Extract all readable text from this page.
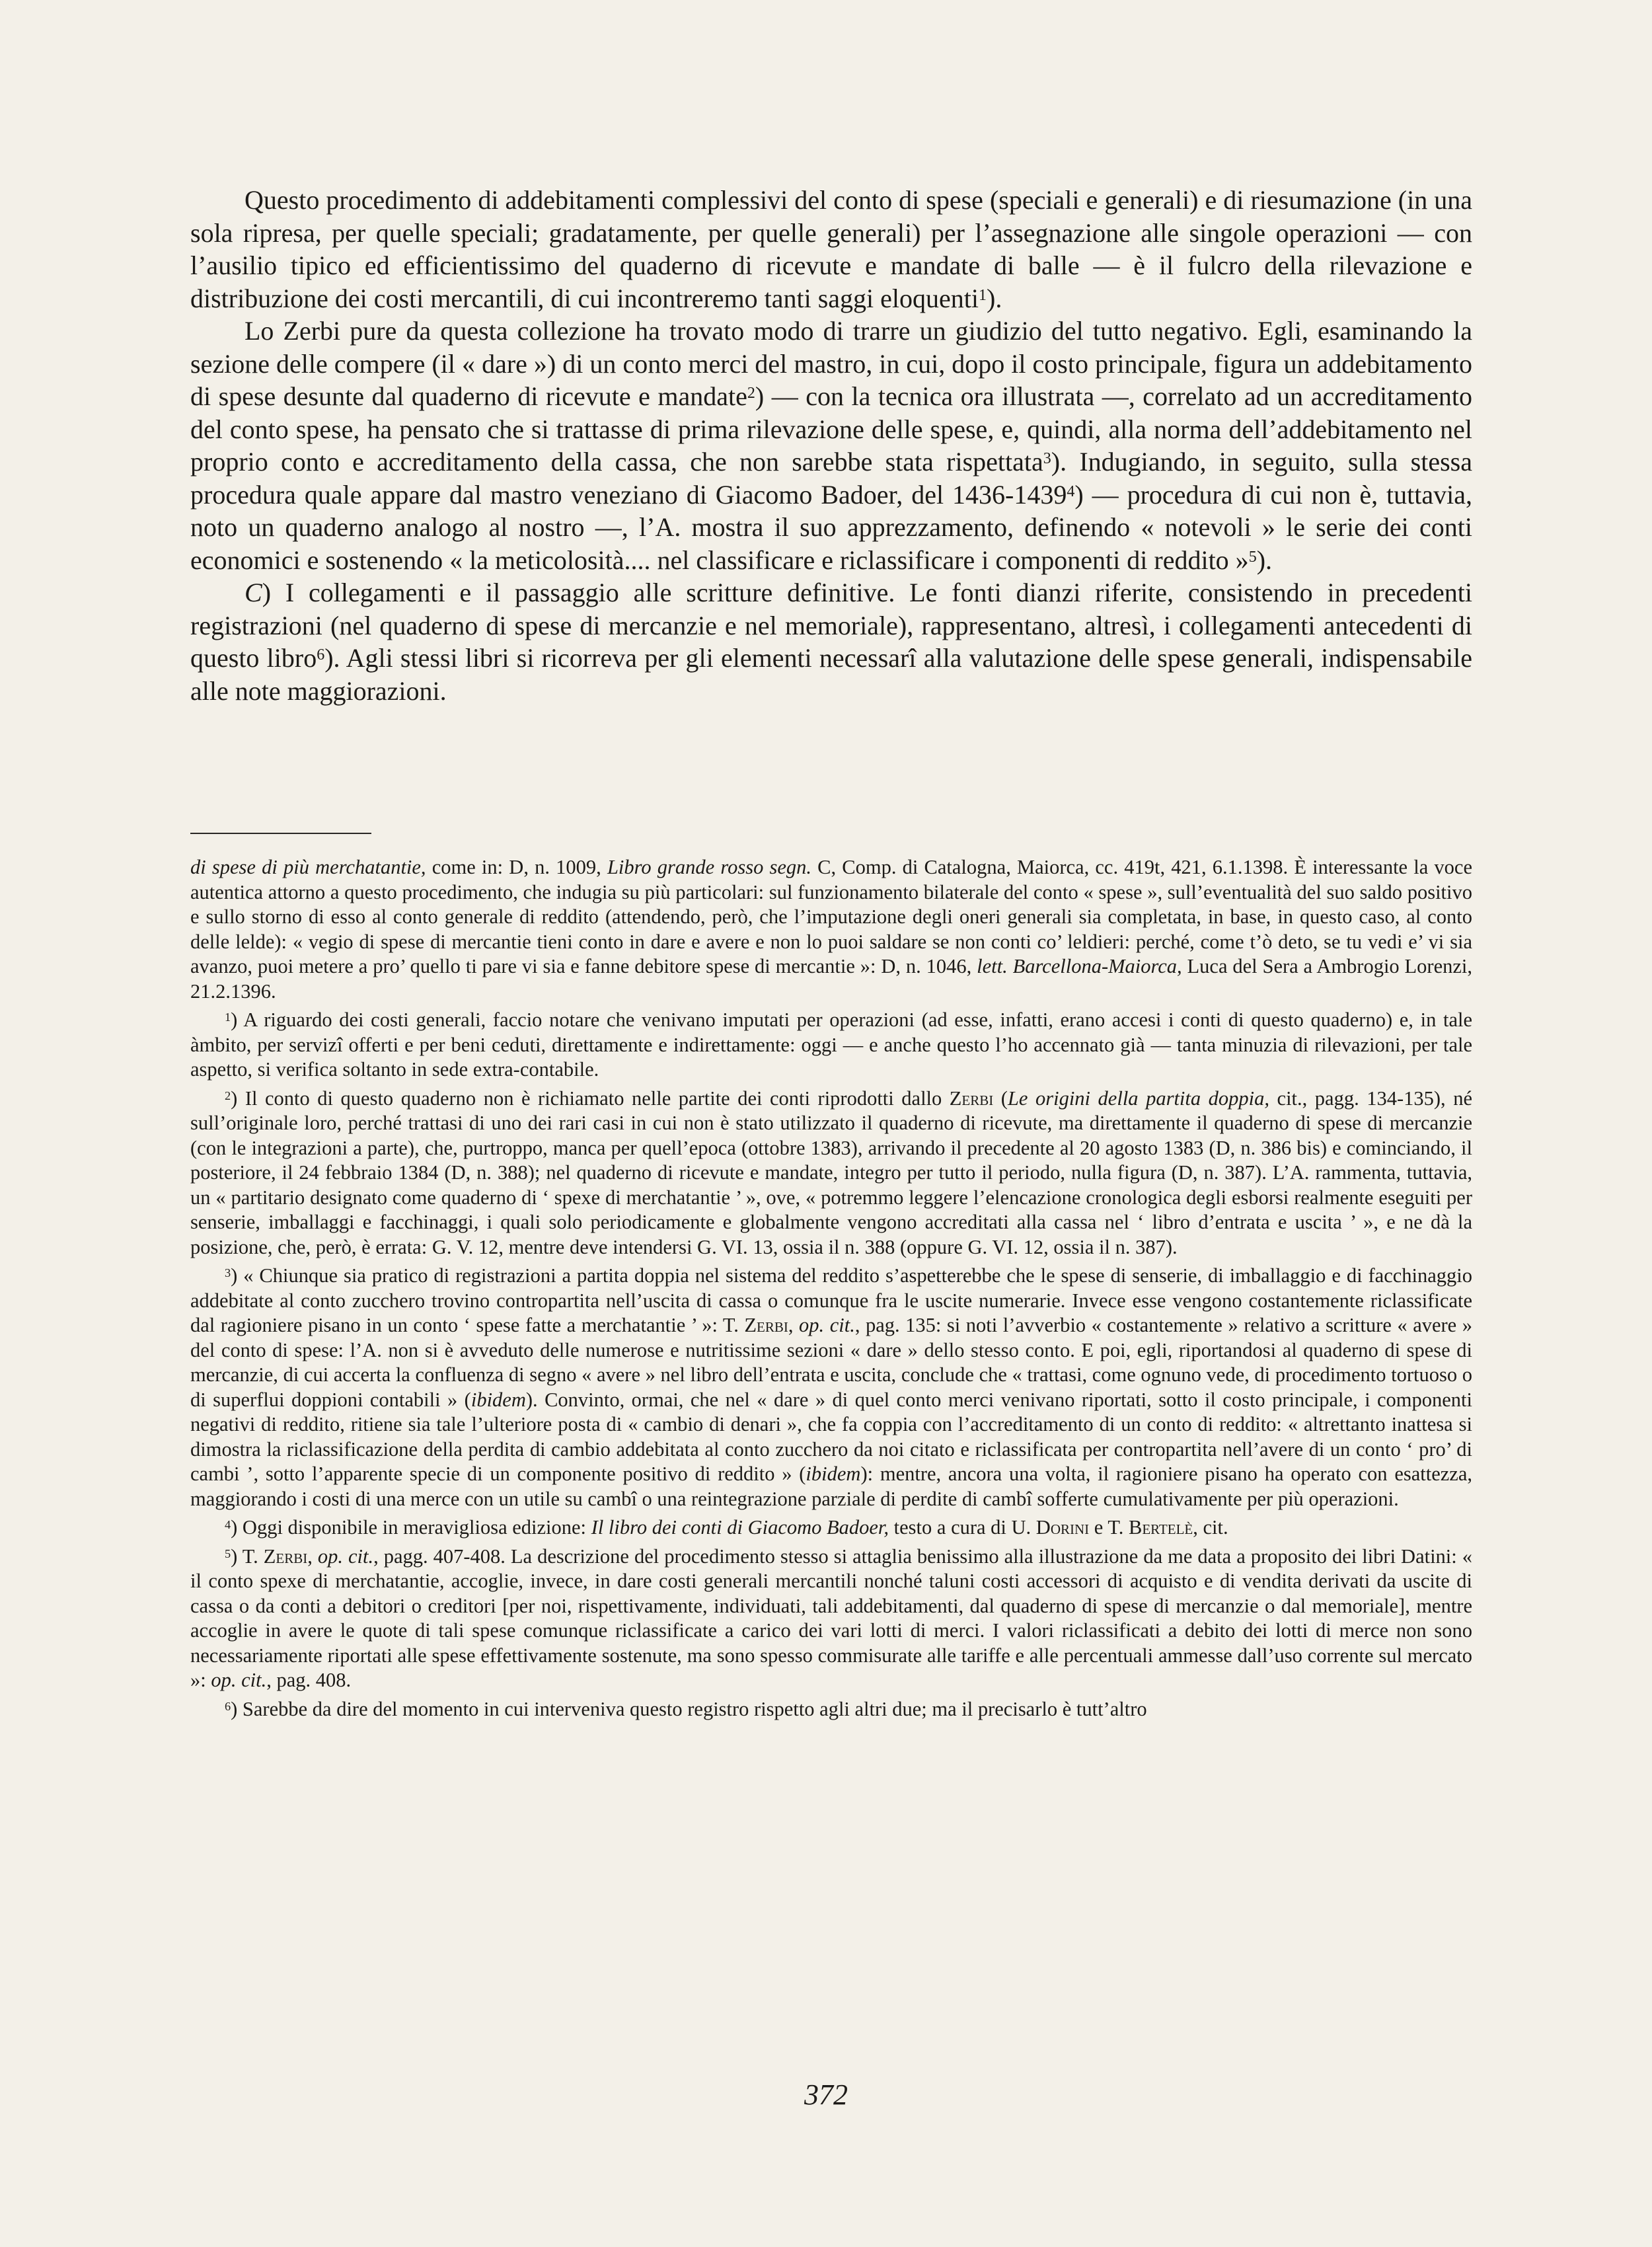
Questo procedimento di addebitamenti complessivi del conto di spese (speciali e generali) e di riesumazione (in una sola ripresa, per quelle speciali; gradatamente, per quelle generali) per l’assegnazione alle singole operazioni — con l’ausilio tipico ed efficientissimo del quaderno di ricevute e mandate di balle — è il fulcro della rilevazione e distribuzione dei costi mercantili, di cui incontreremo tanti saggi eloquenti$^1$).

Lo Zerbi pure da questa collezione ha trovato modo di trarre un giudizio del tutto negativo. Egli, esaminando la sezione delle compere (il « dare ») di un conto merci del mastro, in cui, dopo il costo principale, figura un addebitamento di spese desunte dal quaderno di ricevute e mandate$^2$) — con la tecnica ora illustrata —, correlato ad un accreditamento del conto spese, ha pensato che si trattasse di prima rilevazione delle spese, e, quindi, alla norma dell’addebitamento nel proprio conto e accreditamento della cassa, che non sarebbe stata rispettata$^3$). Indugiando, in seguito, sulla stessa procedura quale appare dal mastro veneziano di Giacomo Badoer, del 1436-1439$^4$) — procedura di cui non è, tuttavia, noto un quaderno analogo al nostro —, l’A. mostra il suo apprezzamento, definendo « notevoli » le serie dei conti economici e sostenendo « la meticolosità.... nel classificare e riclassificare i componenti di reddito »$^5$).

C) I collegamenti e il passaggio alle scritture definitive. Le fonti dianzi riferite, consistendo in precedenti registrazioni (nel quaderno di spese di mercanzie e nel memoriale), rappresentano, altresì, i collegamenti antecedenti di questo libro$^6$). Agli stessi libri si ricorreva per gli elementi necessarî alla valutazione delle spese generali, indispensabile alle note maggiorazioni.

di spese di più merchatantie, come in: D, n. 1009, Libro grande rosso segn. C, Comp. di Catalogna, Maiorca, cc. 419t, 421, 6.1.1398. È interessante la voce autentica attorno a questo procedimento, che indugia su più particolari: sul funzionamento bilaterale del conto « spese », sull’eventualità del suo saldo positivo e sullo storno di esso al conto generale di reddito (attendendo, però, che l’imputazione degli oneri generali sia completata, in base, in questo caso, al conto delle lelde): « vegio di spese di mercantie tieni conto in dare e avere e non lo puoi saldare se non conti co’ leldieri: perché, come t’ò deto, se tu vedi e’ vi sia avanzo, puoi metere a pro’ quello ti pare vi sia e fanne debitore spese di mercantie »: D, n. 1046, lett. Barcellona-Maiorca, Luca del Sera a Ambrogio Lorenzi, 21.2.1396.

$^1$) A riguardo dei costi generali, faccio notare che venivano imputati per operazioni (ad esse, infatti, erano accesi i conti di questo quaderno) e, in tale àmbito, per servizî offerti e per beni ceduti, direttamente e indirettamente: oggi — e anche questo l’ho accennato già — tanta minuzia di rilevazioni, per tale aspetto, si verifica soltanto in sede extra-contabile.

$^2$) Il conto di questo quaderno non è richiamato nelle partite dei conti riprodotti dallo Zerbi (Le origini della partita doppia, cit., pagg. 134-135), né sull’originale loro, perché trattasi di uno dei rari casi in cui non è stato utilizzato il quaderno di ricevute, ma direttamente il quaderno di spese di mercanzie (con le integrazioni a parte), che, purtroppo, manca per quell’epoca (ottobre 1383), arrivando il precedente al 20 agosto 1383 (D, n. 386 bis) e cominciando, il posteriore, il 24 febbraio 1384 (D, n. 388); nel quaderno di ricevute e mandate, integro per tutto il periodo, nulla figura (D, n. 387). L’A. rammenta, tuttavia, un « partitario designato come quaderno di ‘ spexe di merchatantie ’ », ove, « potremmo leggere l’elencazione cronologica degli esborsi realmente eseguiti per senserie, imballaggi e facchinaggi, i quali solo periodicamente e globalmente vengono accreditati alla cassa nel ‘ libro d’entrata e uscita ’ », e ne dà la posizione, che, però, è errata: G. V. 12, mentre deve intendersi G. VI. 13, ossia il n. 388 (oppure G. VI. 12, ossia il n. 387).

$^3$) « Chiunque sia pratico di registrazioni a partita doppia nel sistema del reddito s’aspetterebbe che le spese di senserie, di imballaggio e di facchinaggio addebitate al conto zucchero trovino contropartita nell’uscita di cassa o comunque fra le uscite numerarie. Invece esse vengono costantemente riclassificate dal ragioniere pisano in un conto ‘ spese fatte a merchatantie ’ »: T. Zerbi, op. cit., pag. 135: si noti l’avverbio « costantemente » relativo a scritture « avere » del conto di spese: l’A. non si è avveduto delle numerose e nutritissime sezioni « dare » dello stesso conto. E poi, egli, riportandosi al quaderno di spese di mercanzie, di cui accerta la confluenza di segno « avere » nel libro dell’entrata e uscita, conclude che « trattasi, come ognuno vede, di procedimento tortuoso o di superflui doppioni contabili » (ibidem). Convinto, ormai, che nel « dare » di quel conto merci venivano riportati, sotto il costo principale, i componenti negativi di reddito, ritiene sia tale l’ulteriore posta di « cambio di denari », che fa coppia con l’accreditamento di un conto di reddito: « altrettanto inattesa si dimostra la riclassificazione della perdita di cambio addebitata al conto zucchero da noi citato e riclassificata per contropartita nell’avere di un conto ‘ pro’ di cambi ’, sotto l’apparente specie di un componente positivo di reddito » (ibidem): mentre, ancora una volta, il ragioniere pisano ha operato con esattezza, maggiorando i costi di una merce con un utile su cambî o una reintegrazione parziale di perdite di cambî sofferte cumulativamente per più operazioni.

$^4$) Oggi disponibile in meravigliosa edizione: Il libro dei conti di Giacomo Badoer, testo a cura di U. Dorini e T. Bertelè, cit.

$^5$) T. Zerbi, op. cit., pagg. 407-408. La descrizione del procedimento stesso si attaglia benissimo alla illustrazione da me data a proposito dei libri Datini: « il conto spexe di merchatantie, accoglie, invece, in dare costi generali mercantili nonché taluni costi accessori di acquisto e di vendita derivati da uscite di cassa o da conti a debitori o creditori [per noi, rispettivamente, individuati, tali addebitamenti, dal quaderno di spese di mercanzie o dal memoriale], mentre accoglie in avere le quote di tali spese comunque riclassificate a carico dei vari lotti di merci. I valori riclassificati a debito dei lotti di merce non sono necessariamente riportati alle spese effettivamente sostenute, ma sono spesso commisurate alle tariffe e alle percentuali ammesse dall’uso corrente sul mercato »: op. cit., pag. 408.

$^6$) Sarebbe da dire del momento in cui interveniva questo registro rispetto agli altri due; ma il precisarlo è tutt’altro

372
